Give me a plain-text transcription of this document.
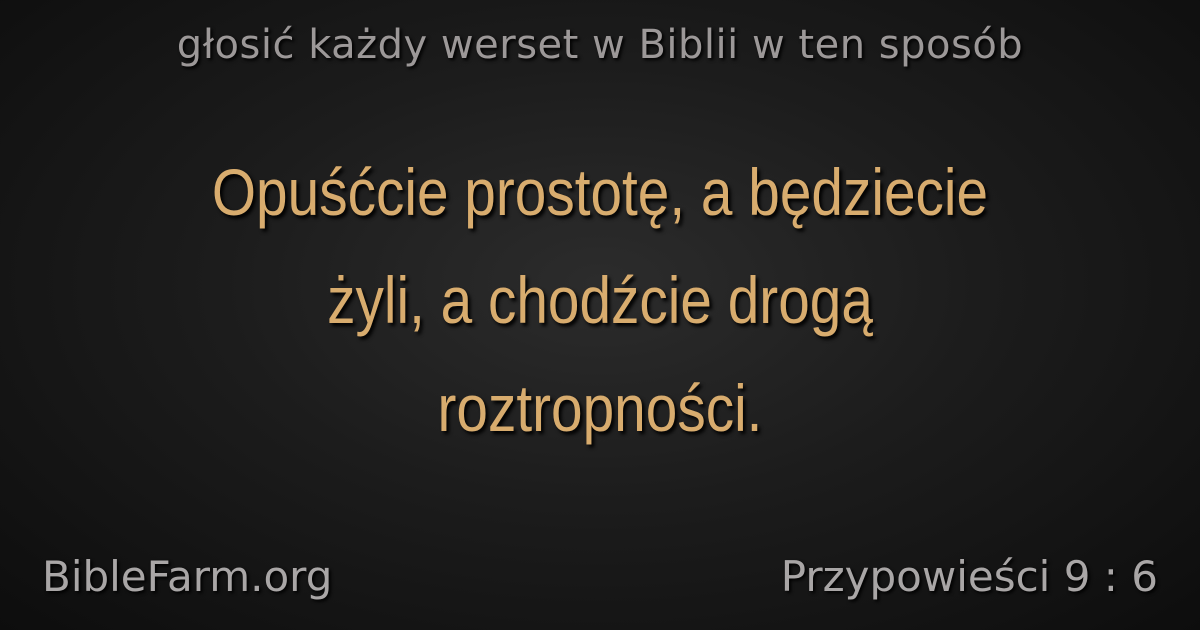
głosić każdy werset w Biblii w ten sposób
Opuśćcie prostotę, a będziecie
żyli, a chodźcie drogą
roztropności.
BibleFarm.org	Przypowieści 9 : 6
